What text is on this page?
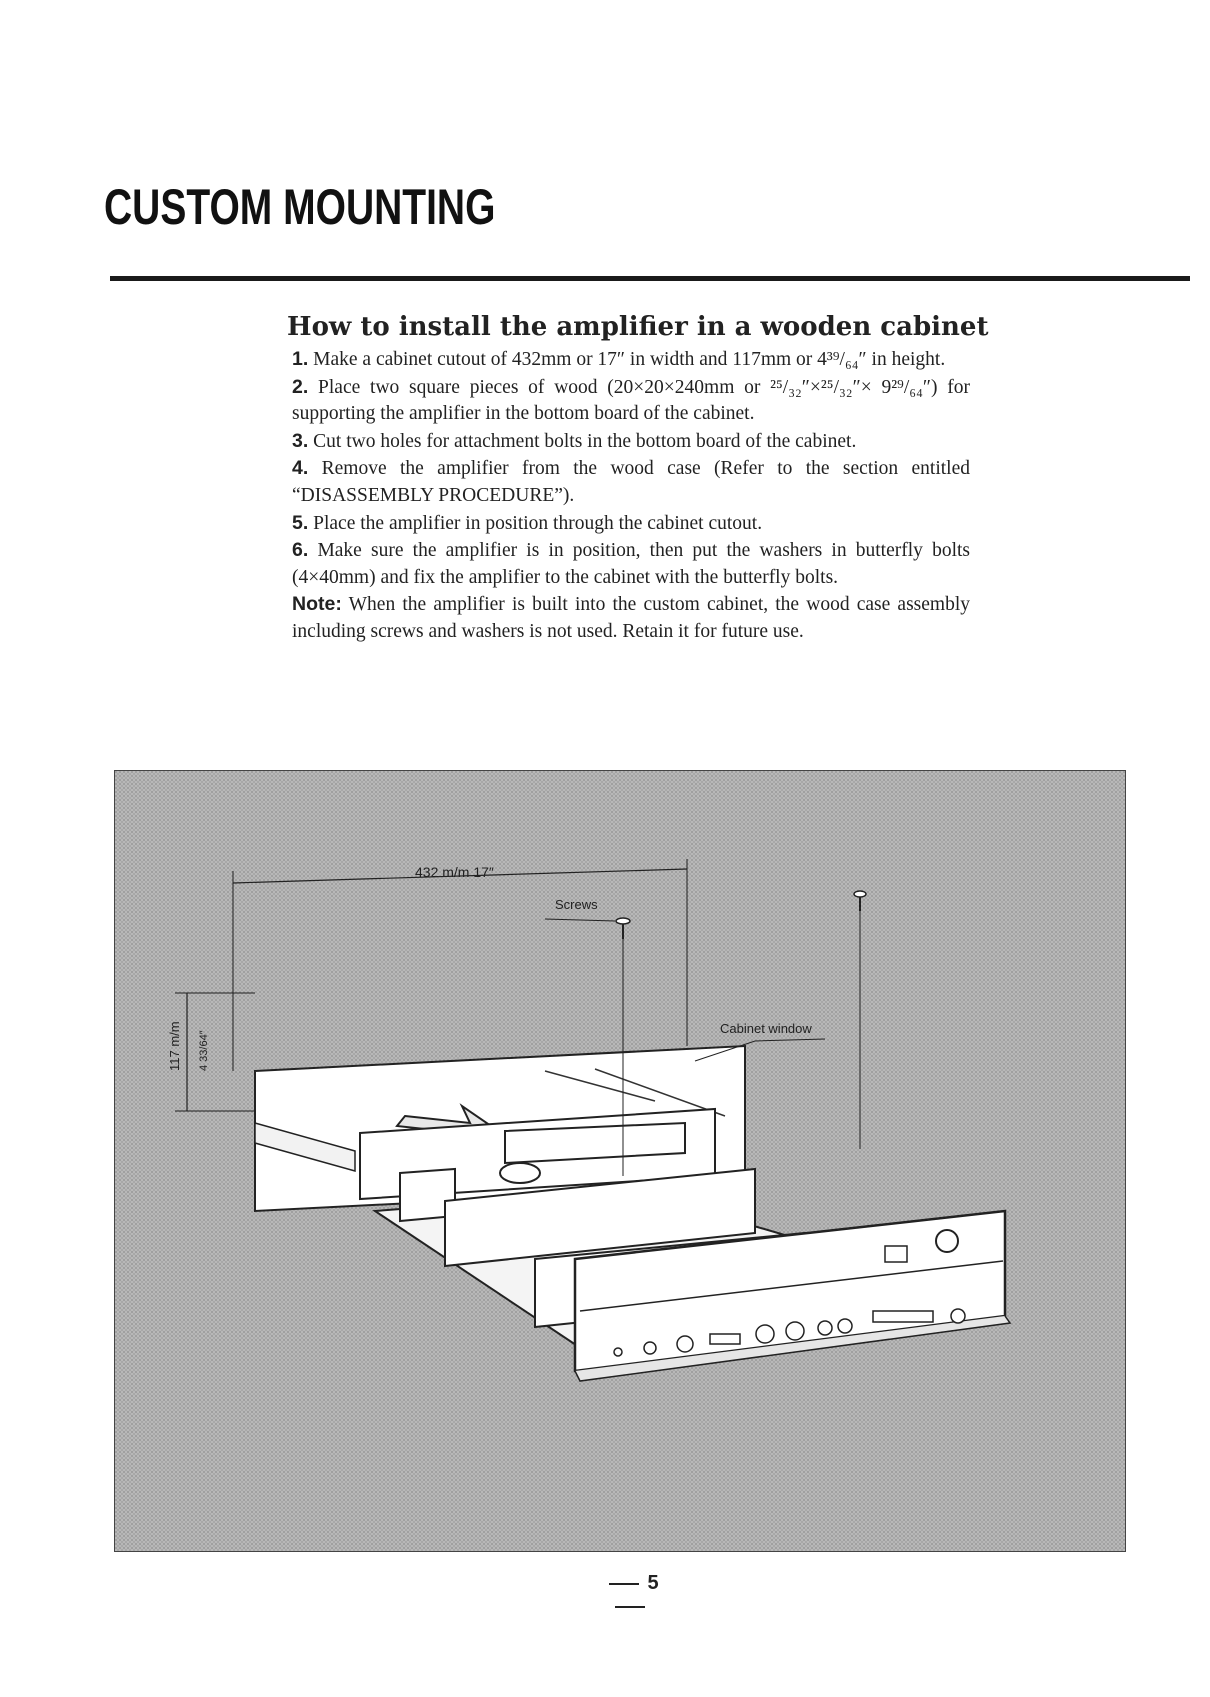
CUSTOM MOUNTING
How to install the amplifier in a wooden cabinet

1. Make a cabinet cutout of 432mm or 17″ in width and 117mm or 4³⁹/₆₄″ in height.

2. Place two square pieces of wood (20×20×240mm or ²⁵/₃₂″×²⁵/₃₂″× 9²⁹/₆₄″) for supporting the amplifier in the bottom board of the cabinet.

3. Cut two holes for attachment bolts in the bottom board of the cabinet.

4. Remove the amplifier from the wood case (Refer to the section entitled “DISASSEMBLY PROCEDURE”).

5. Place the amplifier in position through the cabinet cutout.

6. Make sure the amplifier is in position, then put the washers in butterfly bolts (4×40mm) and fix the amplifier to the cabinet with the butterfly bolts.

Note: When the amplifier is built into the custom cabinet, the wood case assembly including screws and washers is not used. Retain it for future use.

432 m/m 17″
117 m/m 4 33/64″
Screws
Cabinet window
5
